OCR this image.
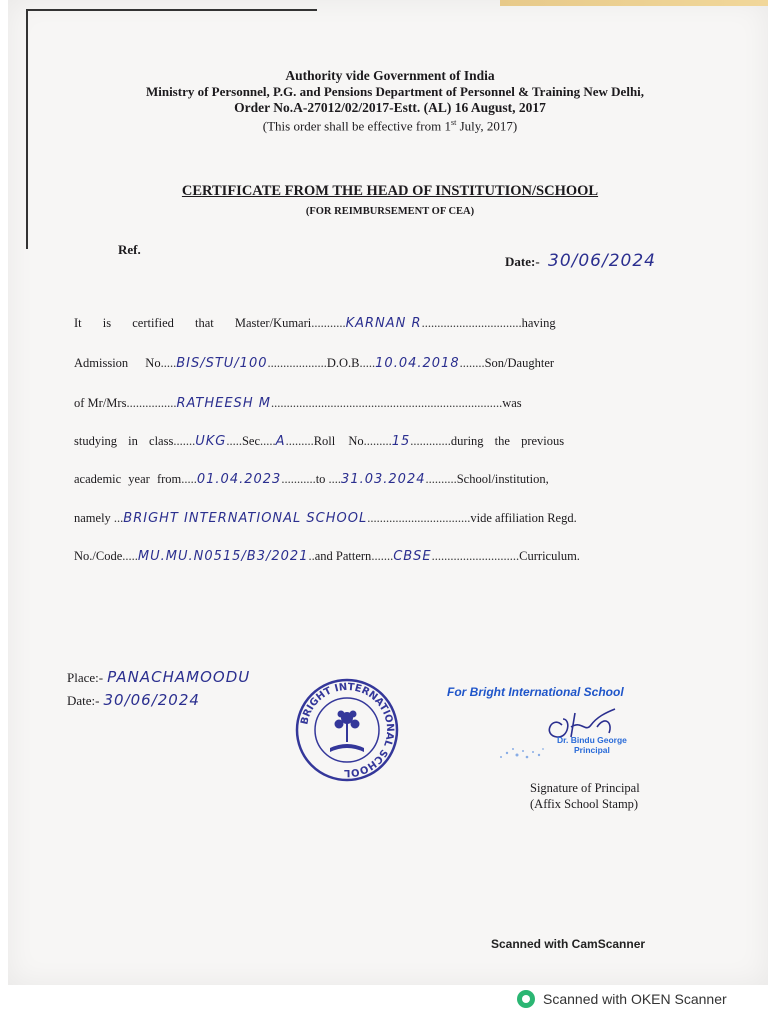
Authority vide Government of India
Ministry of Personnel, P.G. and Pensions Department of Personnel & Training New Delhi,
Order No.A-27012/02/2017-Estt. (AL) 16 August, 2017
(This order shall be effective from 1st July, 2017)
CERTIFICATE FROM THE HEAD OF INSTITUTION/SCHOOL
(FOR REIMBURSEMENT OF CEA)
Ref.
Date:- 30/06/2024
It is certified that Master/Kumari...........KARNAN R................................having
Admission No.....BIS/STU/100...................D.O.B.....10.04.2018........Son/Daughter
of Mr/Mrs................RATHEESH M..........................................................................was
studying in class.......UKG.....Sec.....A.........Roll No.........15.............during the previous
academic year from.....01.04.2023...........to ....31.03.2024..........School/institution,
namely ...BRIGHT INTERNATIONAL SCHOOL.................................vide affiliation Regd.
No./Code.....MU.MU.N0515/B3/2021..and Pattern.......CBSE............................Curriculum.
Place:- PANACHAMOODU
Date:- 30/06/2024
BRIGHT INTERNATIONAL SCHOOL
For Bright International School
Dr. Bindu George
Principal
Signature of Principal
(Affix School Stamp)
Scanned with CamScanner
Scanned with OKEN Scanner
